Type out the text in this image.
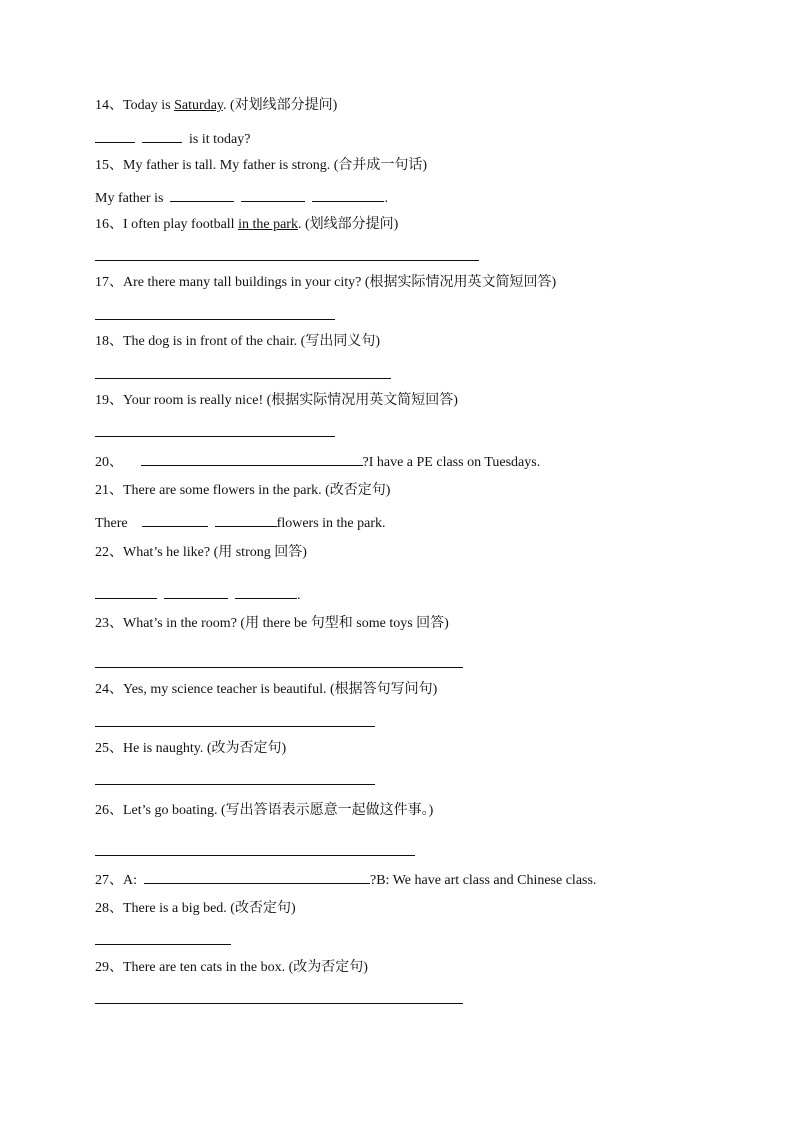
14、Today is Saturday. (对划线部分提问)
is it today?
15、My father is tall. My father is strong. (合并成一句话)
My father is	.
16、I often play football in the park. (划线部分提问)
17、Are there many tall buildings in your city? (根据实际情况用英文简短回答)
18、The dog is in front of the chair. (写出同义句)
19、Your room is really nice! (根据实际情况用英文简短回答)
20、	?I have a PE class on Tuesdays.
21、There are some flowers in the park. (改否定句)
There	flowers in the park.
22、What’s he like? (用 strong 回答)
.
23、What’s in the room? (用 there be 句型和 some toys 回答)
24、Yes, my science teacher is beautiful. (根据答句写问句)
25、He is naughty. (改为否定句)
26、Let’s go boating. (写出答语表示愿意一起做这件事。)
27、A:	?B: We have art class and Chinese class.
28、There is a big bed. (改否定句)
29、There are ten cats in the box. (改为否定句)
